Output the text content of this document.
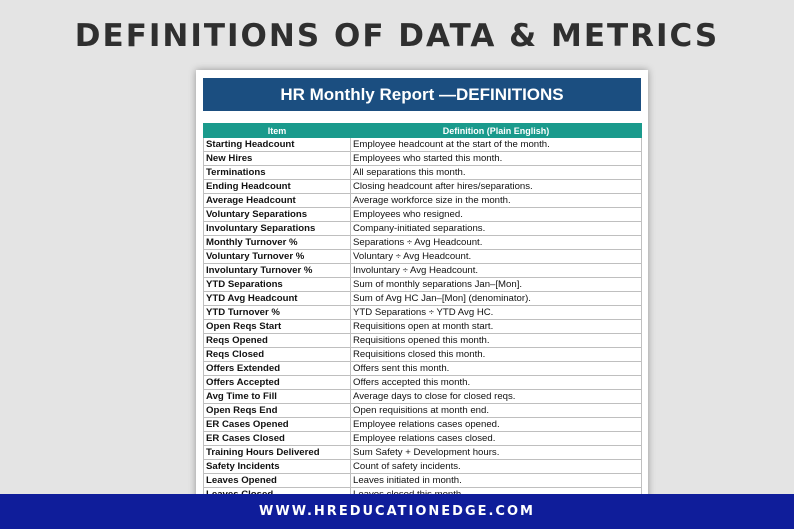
DEFINITIONS OF DATA & METRICS
HR Monthly Report —DEFINITIONS
Item	Definition (Plain English)
Starting Headcount	Employee headcount at the start of the month.
New Hires	Employees who started this month.
Terminations	All separations this month.
Ending Headcount	Closing headcount after hires/separations.
Average Headcount	Average workforce size in the month.
Voluntary Separations	Employees who resigned.
Involuntary Separations	Company-initiated separations.
Monthly Turnover %	Separations ÷ Avg Headcount.
Voluntary Turnover %	Voluntary ÷ Avg Headcount.
Involuntary Turnover %	Involuntary ÷ Avg Headcount.
YTD Separations	Sum of monthly separations Jan–[Mon].
YTD Avg Headcount	Sum of Avg HC Jan–[Mon] (denominator).
YTD Turnover %	YTD Separations ÷ YTD Avg HC.
Open Reqs Start	Requisitions open at month start.
Reqs Opened	Requisitions opened this month.
Reqs Closed	Requisitions closed this month.
Offers Extended	Offers sent this month.
Offers Accepted	Offers accepted this month.
Avg Time to Fill	Average days to close for closed reqs.
Open Reqs End	Open requisitions at month end.
ER Cases Opened	Employee relations cases opened.
ER Cases Closed	Employee relations cases closed.
Training Hours Delivered	Sum Safety + Development hours.
Safety Incidents	Count of safety incidents.
Leaves Opened	Leaves initiated in month.

WWW.HREDUCATIONEDGE.COM
